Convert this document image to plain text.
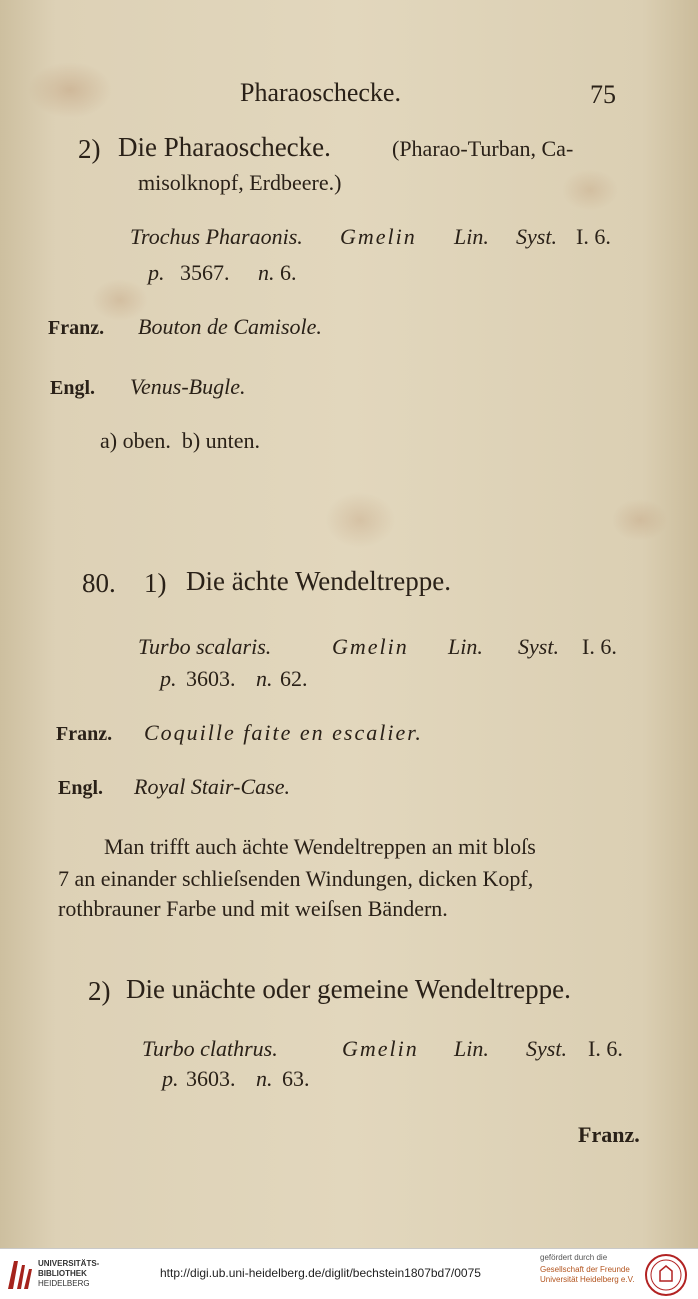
Pharaoschecke.	75
2) Die Pharaoschecke.	(Pharao-Turban, Ca-
misolknopf, Erdbeere.)
Trochus Pharaonis. Gmelin Lin. Syst. I. 6.
p. 3567. n. 6.
Franz. Bouton de Camisole.
Engl. Venus-Bugle.
a) oben.  b) unten.
80. 1) Die ächte Wendeltreppe.
Turbo scalaris.	Gmelin Lin. Syst. I. 6.
p. 3603. n. 62.
Franz. Coquille faite en escalier.
Engl. Royal Stair-Case.
Man trifft auch ächte Wendeltreppen an mit bloſs
7 an einander schlieſsenden Windungen, dicken Kopf,
rothbrauner Farbe und mit weiſsen Bändern.
2) Die unächte oder gemeine Wendeltreppe.
Turbo clathrus.	Gmelin Lin. Syst. I. 6.
p. 3603. n. 63.
Franz.
UNIVERSITÄTS-
BIBLIOTHEK
HEIDELBERG
http://digi.ub.uni-heidelberg.de/diglit/bechstein1807bd7/0075
gefördert durch die
Gesellschaft der Freunde
Universität Heidelberg e.V.
